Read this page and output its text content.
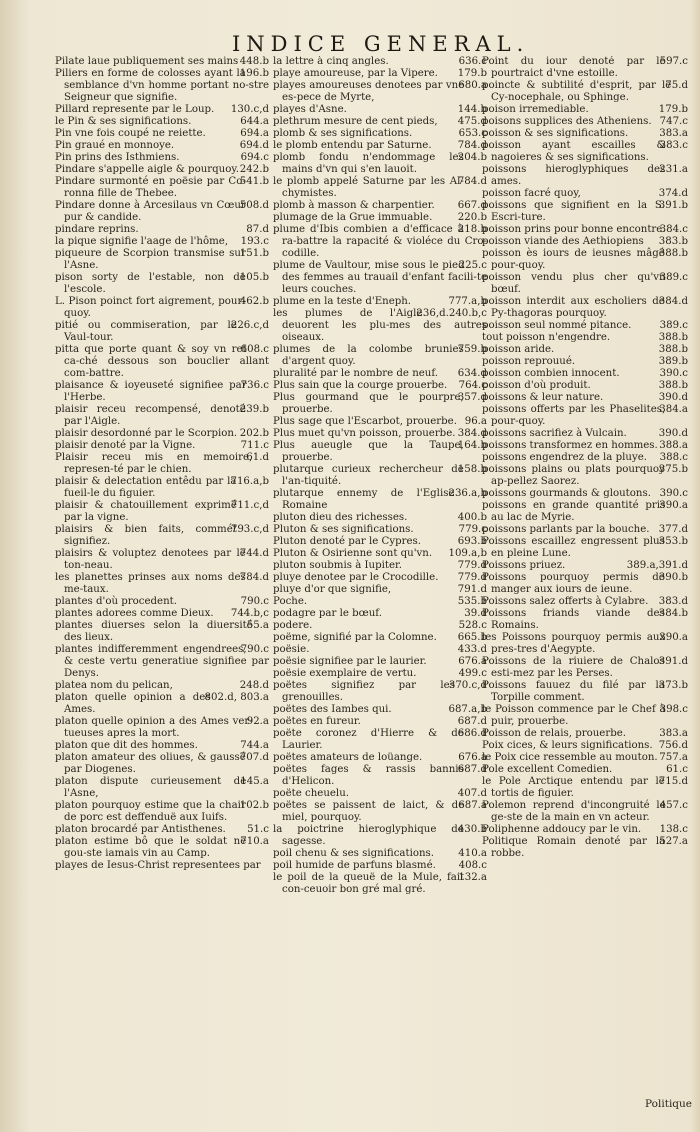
INDICE GENERAL.

448.b
Pilate laue publiquement ses mains

196.b
Piliers en forme de colosses ayant la semblance d'vn homme portant no-stre Seigneur que signifie.

130.c,d
Pillard represente par le Loup.

644.a
le Pin & ses significations.

694.a
Pin vne fois coupé ne reiette.

694.d
Pin graué en monnoye.

694.c
Pin prins des Isthmiens.

242.b
Pindare s'appelle aigle & pourquoy.

541.b
Pindare surmonté en poësie par Co-ronna fille de Thebee.

508.d
Pindare donne à Arcesilaus vn Cœur pur & candide.

87.d
pindare reprins.

193.c
la pique signifie l'aage de l'hôme,

151.b
piqueure de Scorpion transmise sur l'Asne.

105.b
pison sorty de l'estable, non de l'escole.

462.b
L. Pison poinct fort aigrement, pour-quoy.

226.c,d
pitié ou commiseration, par le Vaul-tour.

608.c
pitta que porte quant & soy vn ret ca-ché dessous son bouclier allant com-battre.

736.c
plaisance & ioyeuseté signifiee par l'Herbe.

239.b
plaisir receu recompensé, denoté par l'Aigle.

202.b
plaisir desordonné par le Scorpion.

711.c
plaisir denoté par la Vigne.

61.d
Plaisir receu mis en memoire, represen-té par le chien.

716.a,b
plaisir & delectation entêdu par la fueil-le du figuier.

711.c,d
plaisir & chatouillement exprimé par la vigne.

793.c,d
plaisirs & bien faits, commét signifiez.

744.d
plaisirs & voluptez denotees par le ton-neau.

784.d
les planettes prinses aux noms des me-taux.

790.c
plantes d'où procedent.

744.b,c
plantes adorees comme Dieux.

55.a
plantes diuerses selon la diuersité des lieux.

790.c
plantes indifferemment engendrees, & ceste vertu generatiue signifiee par Denys.

248.d
platea nom du pelican,

802.d, 803.a
platon quelle opinion a des Ames.

92.a
platon quelle opinion a des Ames ver-tueuses apres la mort.

744.a
platon que dit des hommes.

707.d
platon amateur des oliues, & gaussé par Diogenes.

145.a
platon dispute curieusement de l'Asne,

102.b
platon pourquoy estime que la chair de porc est deffenduë aux Iuifs.

51.c
platon brocardé par Antisthenes.

710.a
platon estime bô que le soldat ne gou-ste iamais vin au Camp.

playes de Iesus-Christ representees par

636.c
la lettre à cinq angles.

179.b
playe amoureuse, par la Vipere.

680.a
playes amoureuses denotees par vne es-pece de Myrte,

144.b
playes d'Asne.

475.d
plethrum mesure de cent pieds,

653.c
plomb & ses significations.

784.d
le plomb entendu par Saturne.

204.b
plomb fondu n'endommage les mains d'vn qui s'en lauoit.

784.d
le plomb appelé Saturne par les Al-chymistes.

667.d
plomb à masson & charpentier.

220.b
plumage de la Grue immuable.

218.b
plume d'Ibis combien a d'efficace à ra-battre la rapacité & violéce du Cro-codille.

225.c
plume de Vaultour, mise sous le pied des femmes au trauail d'enfant facili-te leurs couches.

777.a,b
plume en la teste d'Eneph.

236,d.240.b,c
les plumes de l'Aigle deuorent les plu-mes des autres oiseaux.

759.b
plumes de la colombe brunies d'argent quoy.

634.d
pluralité par le nombre de neuf.

764.c
Plus sain que la courge prouerbe.

357.d
Plus gourmand que le pourpre, prouerbe.

96.a
Plus sage que l'Escarbot, prouerbe.

384.d
Plus muet qu'vn poisson, prouerbe.

164.b
Plus aueugle que la Taupe, prouerbe.

158.b
plutarque curieux rechercheur de l'an-tiquité.

236.a,b
plutarque ennemy de l'Eglise Romaine

400.b
pluton dieu des richesses.

779.c
Pluton & ses significations.

693.b
Pluton denoté par le Cypres.

109.a,b
Pluton & Osirienne sont qu'vn.

779.d
pluton soubmis à Iupiter.

779.d
pluye denotee par le Crocodille.

791.d
pluye d'or que signifie,

535.b
Poche.

39.d
podagre par le bœuf.

528.c
podere.

665.b
poëme, signifié par la Colomne.

433.d
poësie.

676.a
poësie signifiee par le laurier.

499.c
poësie exemplaire de vertu.

370.c,d
poëtes signifiez par les grenouilles.

687.a,b
poëtes des Iambes qui.

687.d
poëtes en fureur.

686.d
poëte coronez d'Hierre & de Laurier.

676.a
poëtes amateurs de loüange.

687.d
poëtes fages & rassis bannis d'Helicon.

407.d
poëte cheuelu.

687.a
poëtes se paissent de laict, & de miel, pourquoy.

430.b
la poictrine hieroglyphique de sagesse.

410.a
poil chenu & ses significations.

408.c
poil humide de parfuns blasmé.

132.a
le poil de la queuë de la Mule, fait con-ceuoir bon gré mal gré.

597.c
Point du iour denoté par le pourtraict d'vne estoille.

75.d
poincte & subtilité d'esprit, par le Cy-nocephale, ou Sphinge.

179.b
poison irremediable.

747.c
poisons supplices des Atheniens.

383.a
poisson & ses significations.

383.c
poisson ayant escailles & nagoieres & ses significations.

231.a
poissons hieroglyphiques des ames.

374.d
poisson facré quoy,

391.b
poissons que signifient en la S. Escri-ture.

384.c
poisson prins pour bonne encontre.

383.b
poisson viande des Aethiopiens

388.b
poisson ès iours de ieusnes mâgé pour-quoy.

389.c
poisson vendu plus cher qu'vn bœuf.

384.d
poisson interdit aux escholiers de Py-thagoras pourquoy.

389.c
poisson seul nommé pitance.

388.b
tout poisson n'engendre.

388.b
poisson aride.

389.b
poisson reprouué.

390.c
poisson combien innocent.

388.b
poisson d'où produit.

390.d
poissons & leur nature.

384.a
poissons offerts par les Phaselites, pour-quoy.

390.d
poissons sacrifiez à Vulcain.

388.a
poissons transformez en hommes.

388.c
poissons engendrez de la pluye.

375.b
poissons plains ou plats pourquoy ap-pellez Saorez.

390.c
poissons gourmands & gloutons.

390.a
poissons en grande quantité pris au lac de Myrie.

377.d
poissons parlants par la bouche.

353.b
Poissons escaillez engressent plus en pleine Lune.

389.a,391.d
Poissons priuez.

390.b
Poissons pourquoy permis de manger aux iours de ieune.

383.d
Poissons salez offerts à Cylabre.

384.b
Poissons friands viande des Romains.

390.a
les Poissons pourquoy permis aux pres-tres d'Aegypte.

391.d
Poissons de la riuiere de Chalos esti-mez par les Perses.

373.b
Poissons fauuez du filé par la Torpille comment.

398.c
le Poisson commence par le Chef à puir, prouerbe.

383.a
Poisson de relais, prouerbe.

756.d
Poix cices, & leurs significations.

757.a
le Poix cice ressemble au mouton.

61.c
Pole excellent Comedien.

715.d
le Pole Arctique entendu par le tortis de figuier.

457.c
Polemon reprend d'incongruité le ge-ste de la main en vn acteur.

138.c
Poliphenne addoucy par le vin.

527.a
Politique Romain denoté par la robbe.

Politique
